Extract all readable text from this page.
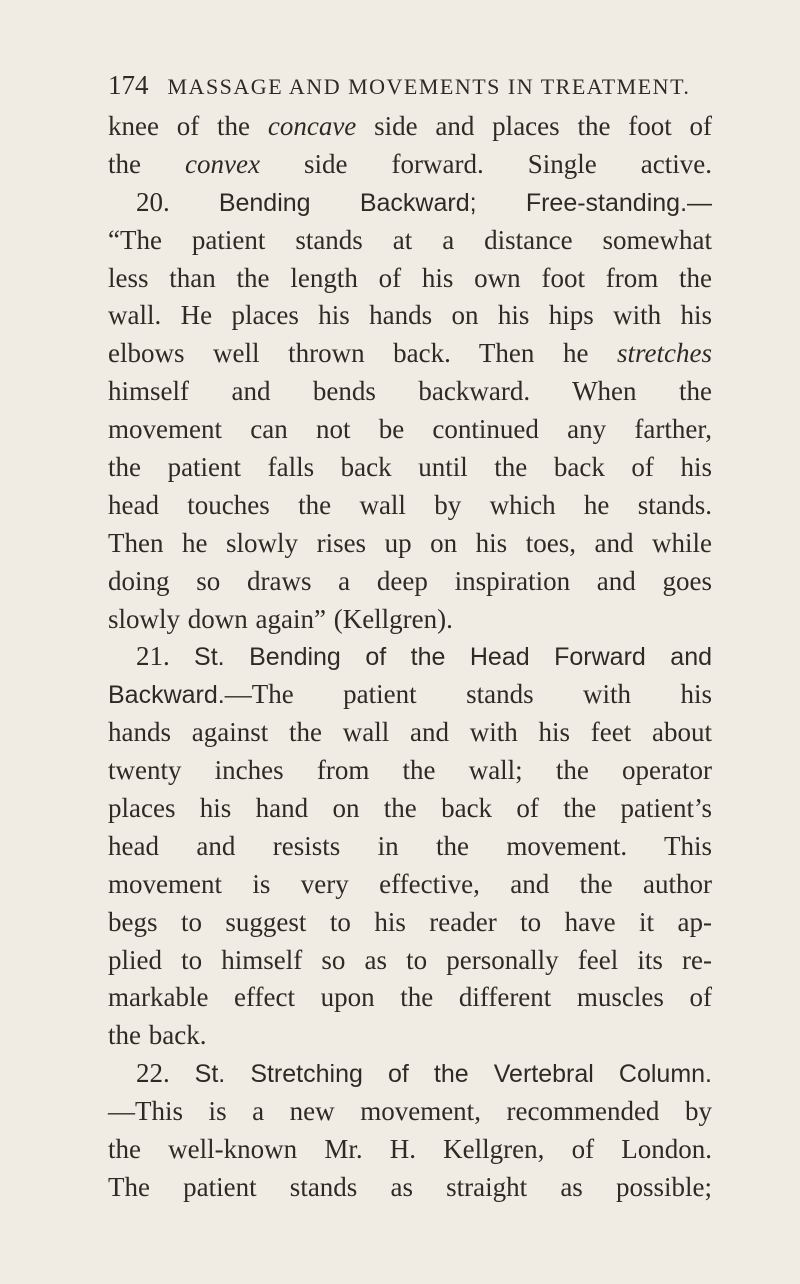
174 MASSAGE AND MOVEMENTS IN TREATMENT.
knee of the concave side and places the foot of
the convex side forward. Single active.
20. Bending Backward; Free-standing.—
“The patient stands at a distance somewhat
less than the length of his own foot from the
wall. He places his hands on his hips with his
elbows well thrown back. Then he stretches
himself and bends backward. When the
movement can not be continued any farther,
the patient falls back until the back of his
head touches the wall by which he stands.
Then he slowly rises up on his toes, and while
doing so draws a deep inspiration and goes
slowly down again” (Kellgren).
21. St. Bending of the Head Forward and
Backward.—The patient stands with his
hands against the wall and with his feet about
twenty inches from the wall; the operator
places his hand on the back of the patient’s
head and resists in the movement. This
movement is very effective, and the author
begs to suggest to his reader to have it ap-
plied to himself so as to personally feel its re-
markable effect upon the different muscles of
the back.
22. St. Stretching of the Vertebral Column.
—This is a new movement, recommended by
the well-known Mr. H. Kellgren, of London.
The patient stands as straight as possible;
